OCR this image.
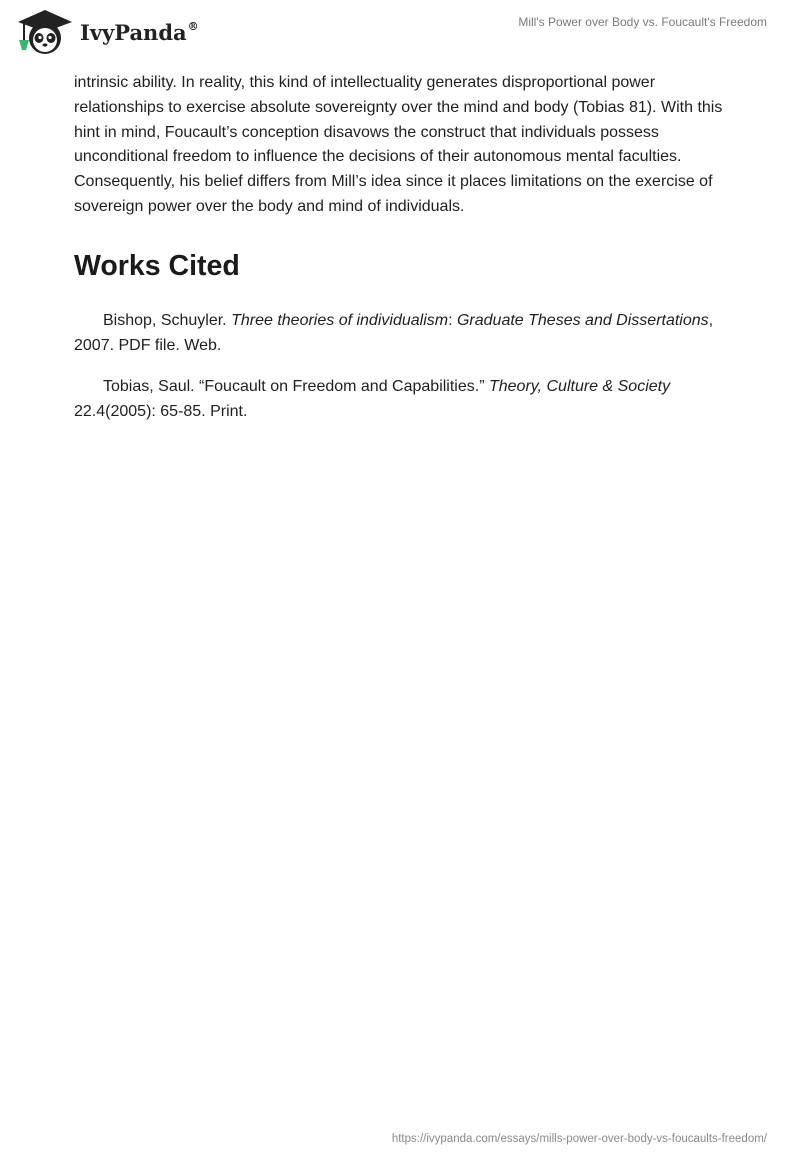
IvyPanda®	Mill's Power over Body vs. Foucault's Freedom

intrinsic ability. In reality, this kind of intellectuality generates disproportional power relationships to exercise absolute sovereignty over the mind and body (Tobias 81). With this hint in mind, Foucault’s conception disavows the construct that individuals possess unconditional freedom to influence the decisions of their autonomous mental faculties. Consequently, his belief differs from Mill’s idea since it places limitations on the exercise of sovereign power over the body and mind of individuals.

Works Cited

Bishop, Schuyler. Three theories of individualism: Graduate Theses and Dissertations, 2007. PDF file. Web.

Tobias, Saul. “Foucault on Freedom and Capabilities.” Theory, Culture & Society 22.4(2005): 65-85. Print.

https://ivypanda.com/essays/mills-power-over-body-vs-foucaults-freedom/
